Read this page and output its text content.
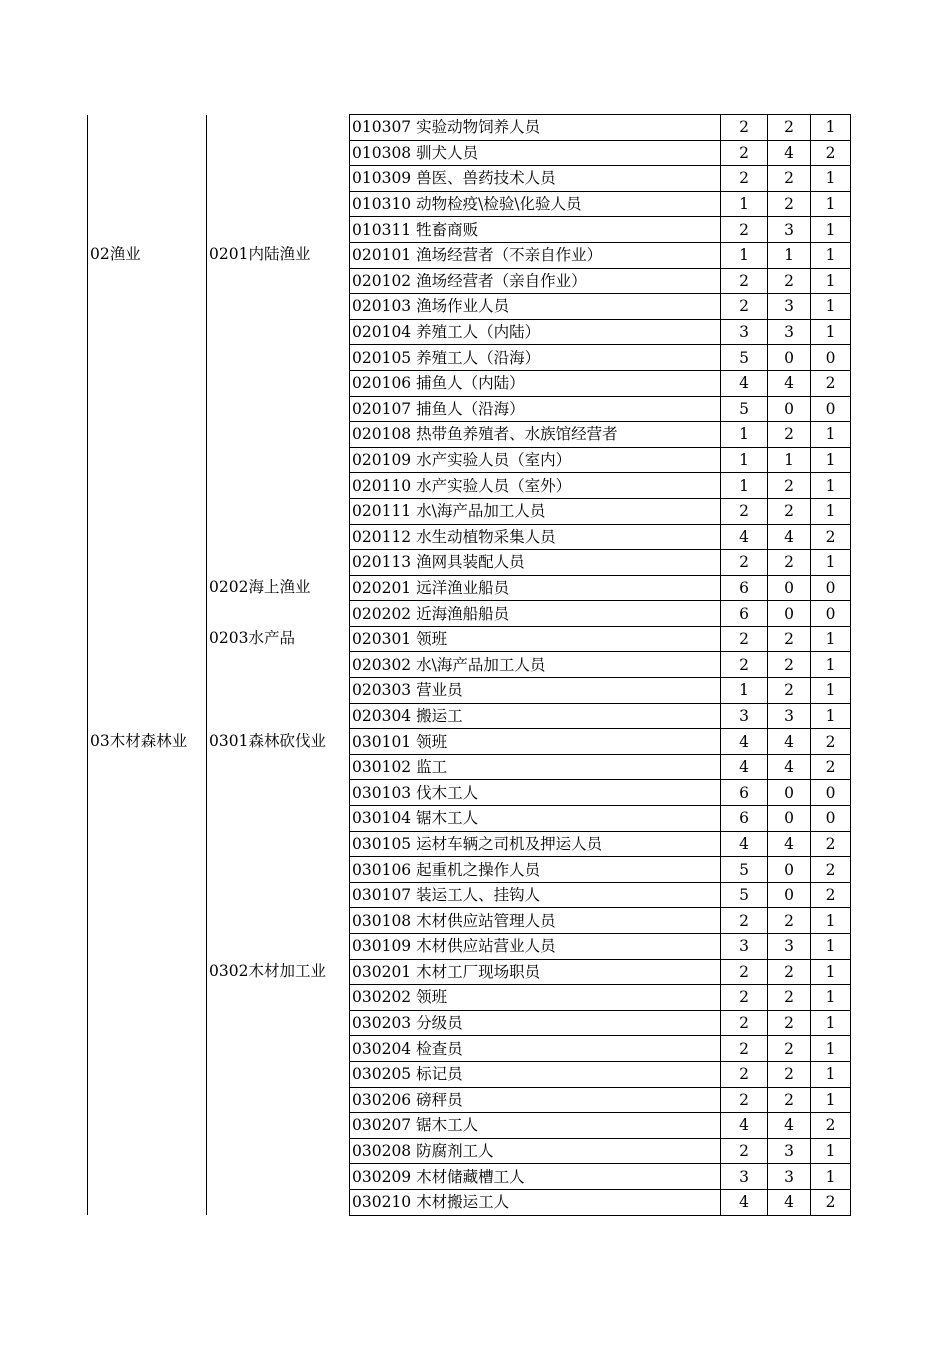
		010307 实验动物饲养人员	2	2	1
		010308 驯犬人员	2	4	2
		010309 兽医、兽药技术人员	2	2	1
		010310 动物检疫\检验\化验人员	1	2	1
		010311 牲畜商贩	2	3	1
02渔业	0201内陆渔业	020101 渔场经营者（不亲自作业）	1	1	1
		020102 渔场经营者（亲自作业）	2	2	1
		020103 渔场作业人员	2	3	1
		020104 养殖工人（内陆）	3	3	1
		020105 养殖工人（沿海）	5	0	0
		020106 捕鱼人（内陆）	4	4	2
		020107 捕鱼人（沿海）	5	0	0
		020108 热带鱼养殖者、水族馆经营者	1	2	1
		020109 水产实验人员（室内）	1	1	1
		020110 水产实验人员（室外）	1	2	1
		020111 水\海产品加工人员	2	2	1
		020112 水生动植物采集人员	4	4	2
		020113 渔网具装配人员	2	2	1
	0202海上渔业	020201 远洋渔业船员	6	0	0
		020202 近海渔船船员	6	0	0
	0203水产品	020301 领班	2	2	1
		020302 水\海产品加工人员	2	2	1
		020303 营业员	1	2	1
		020304 搬运工	3	3	1
03木材森林业	0301森林砍伐业	030101 领班	4	4	2
		030102 监工	4	4	2
		030103 伐木工人	6	0	0
		030104 锯木工人	6	0	0
		030105 运材车辆之司机及押运人员	4	4	2
		030106 起重机之操作人员	5	0	2
		030107 装运工人、挂钩人	5	0	2
		030108 木材供应站管理人员	2	2	1
		030109 木材供应站营业人员	3	3	1
	0302木材加工业	030201 木材工厂现场职员	2	2	1
		030202 领班	2	2	1
		030203 分级员	2	2	1
		030204 检查员	2	2	1
		030205 标记员	2	2	1
		030206 磅秤员	2	2	1
		030207 锯木工人	4	4	2
		030208 防腐剂工人	2	3	1
		030209 木材储藏槽工人	3	3	1
		030210 木材搬运工人	4	4	2
